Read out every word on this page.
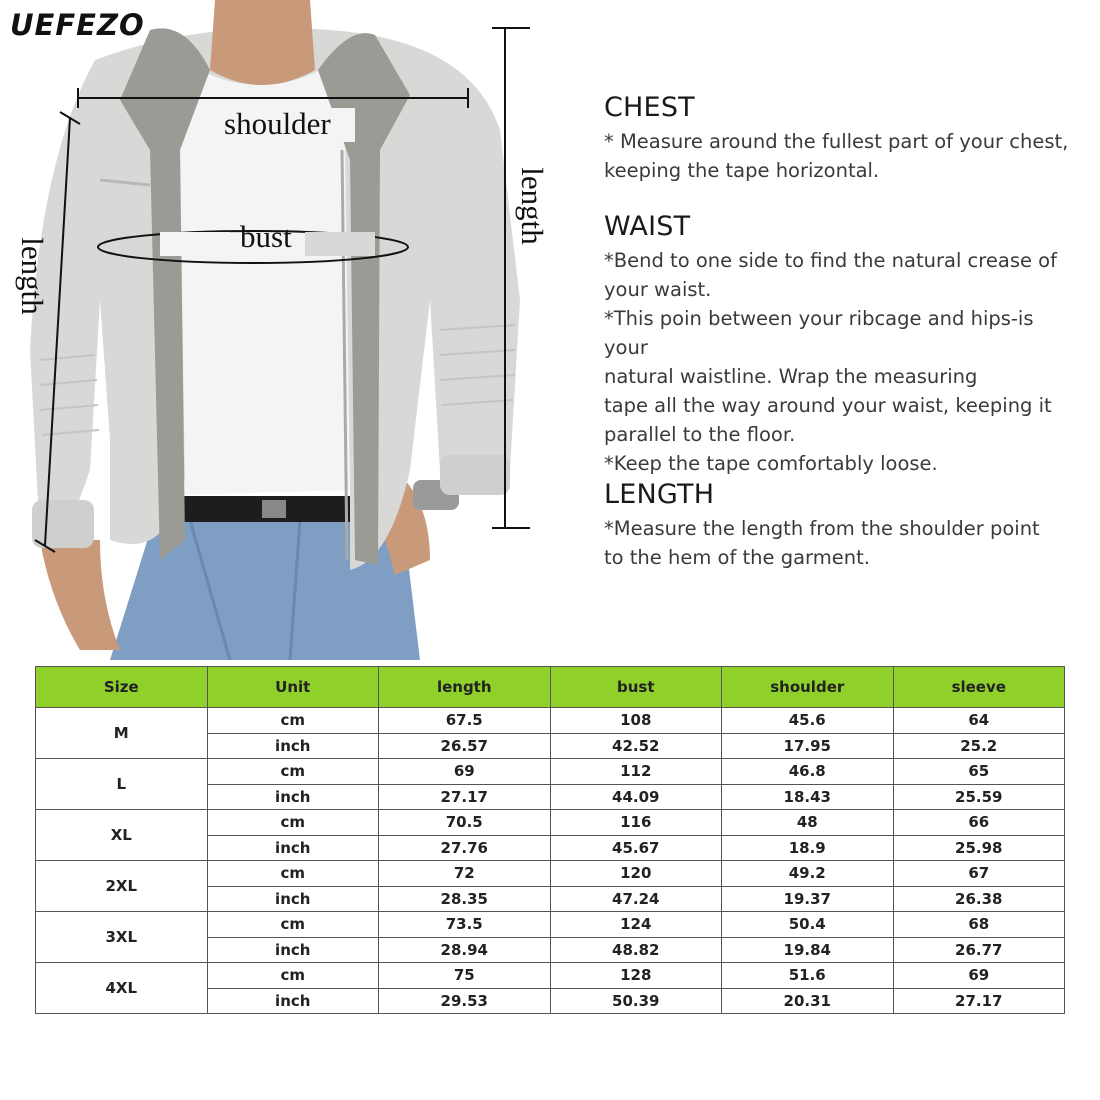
UEFEZO
shoulder
bust
length
length
CHEST

* Measure around the fullest part of your chest,
keeping the tape horizontal.

WAIST

*Bend to one side to find the natural crease of
your waist.
*This poin between your ribcage and hips-is your
natural waistline. Wrap the measuring
tape all the way around your waist, keeping it
parallel to the floor.
*Keep the tape comfortably loose.

LENGTH

*Measure the length from the shoulder point
to the hem of the garment.

Size	Unit	length	bust	shoulder	sleeve
M	cm	67.5	108	45.6	64
	inch	26.57	42.52	17.95	25.2
L	cm	69	112	46.8	65
	inch	27.17	44.09	18.43	25.59
XL	cm	70.5	116	48	66
	inch	27.76	45.67	18.9	25.98
2XL	cm	72	120	49.2	67
	inch	28.35	47.24	19.37	26.38
3XL	cm	73.5	124	50.4	68
	inch	28.94	48.82	19.84	26.77
4XL	cm	75	128	51.6	69
	inch	29.53	50.39	20.31	27.17
